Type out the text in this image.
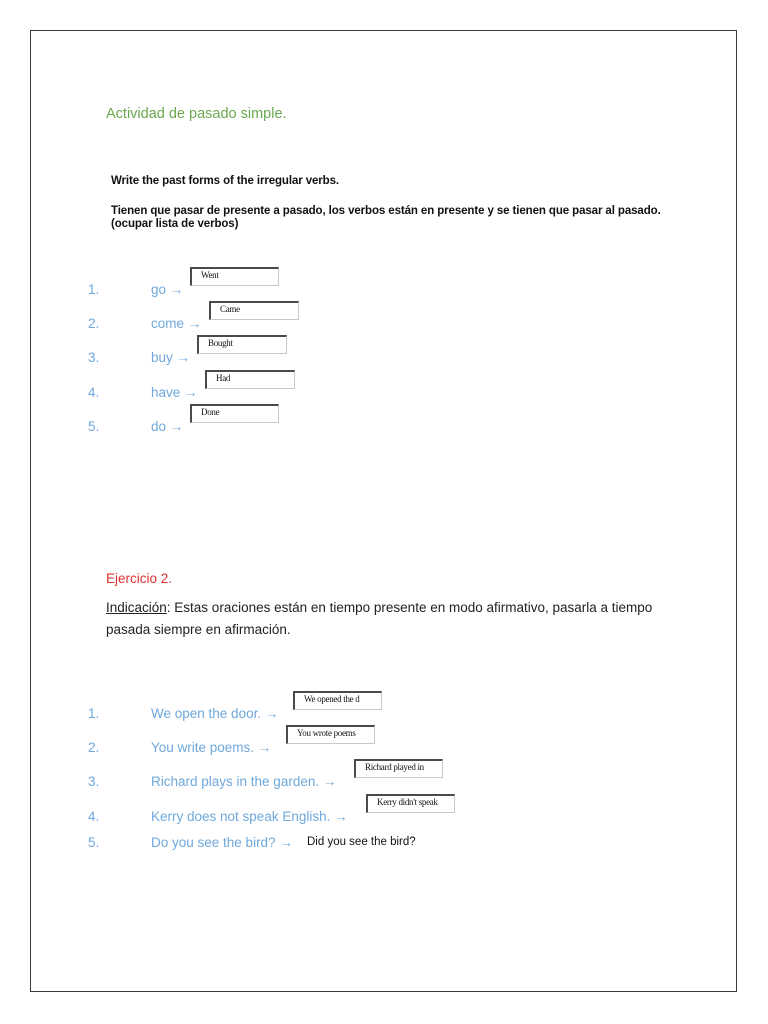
Actividad de pasado simple.
Write the past forms of the irregular verbs.
Tienen que pasar de presente a pasado, los verbos están en presente y se tienen que pasar al pasado. (ocupar lista de verbos)
1.	go →
Went
2.	come →
Came
3.	buy →
Bought
4.	have →
Had
5.	do →
Done
Ejercicio 2.
Indicación: Estas oraciones están en tiempo presente en modo afirmativo, pasarla a tiempo pasada siempre en afirmación.
1.	We open the door. →
We opened the d
2.	You write poems. →
You wrote poems
3.	Richard plays in the garden. →
Richard played in
4.	Kerry does not speak English. →
Kerry didn't speak
5.	Do you see the bird? → Did you see the bird?
